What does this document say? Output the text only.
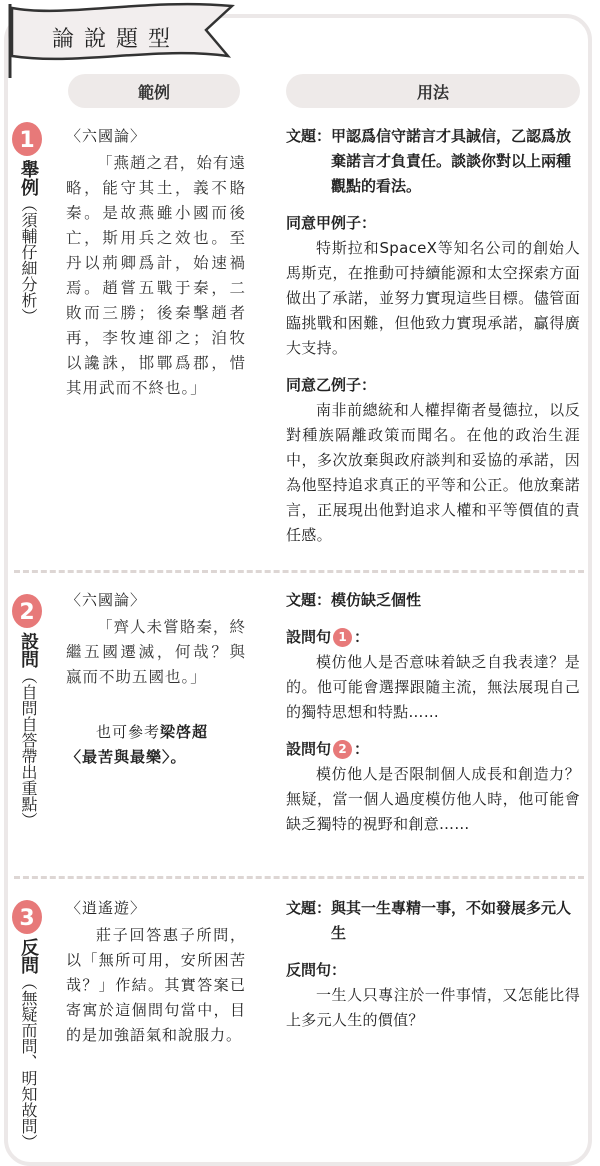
論說題型
範例	用法
1
舉例（須輔仔細分析）
〈六國論〉
「燕趙之君，始有遠略，能守其土，義不賂秦。是故燕雖小國而後亡，斯用兵之效也。至丹以荊卿爲計，始速禍焉。趙嘗五戰于秦，二敗而三勝；後秦擊趙者再，李牧連卻之；洎牧以讒誅，邯鄲爲郡，惜其用武而不終也。」
文題： 甲認爲信守諾言才具誠信，乙認爲放棄諾言才負責任。談談你對以上兩種觀點的看法。
同意甲例子：
特斯拉和SpaceX等知名公司的創始人馬斯克，在推動可持續能源和太空探索方面做出了承諾，並努力實現這些目標。儘管面臨挑戰和困難，但他致力實現承諾，贏得廣大支持。
同意乙例子：
南非前總統和人權捍衛者曼德拉，以反對種族隔離政策而聞名。在他的政治生涯中，多次放棄與政府談判和妥協的承諾，因為他堅持追求真正的平等和公正。他放棄諾言，正展現出他對追求人權和平等價值的責任感。
2
設問（自問自答帶出重點）
〈六國論〉
「齊人未嘗賂秦，終繼五國遷滅，何哉？與嬴而不助五國也。」
也可參考梁啓超
〈最苦與最樂〉。
文題： 模仿缺乏個性
設問句 1 ：
模仿他人是否意味着缺乏自我表達？是的。他可能會選擇跟隨主流，無法展現自己的獨特思想和特點……
設問句 2 ：
模仿他人是否限制個人成長和創造力？無疑，當一個人過度模仿他人時，他可能會缺乏獨特的視野和創意……
3
反問（無疑而問、明知故問）
〈逍遙遊〉
莊子回答惠子所問，以「無所可用，安所困苦哉？」作結。其實答案已寄寓於這個問句當中，目的是加強語氣和說服力。
文題： 與其一生專精一事，不如發展多元人生
反問句：
一生人只專注於一件事情，又怎能比得上多元人生的價值？
